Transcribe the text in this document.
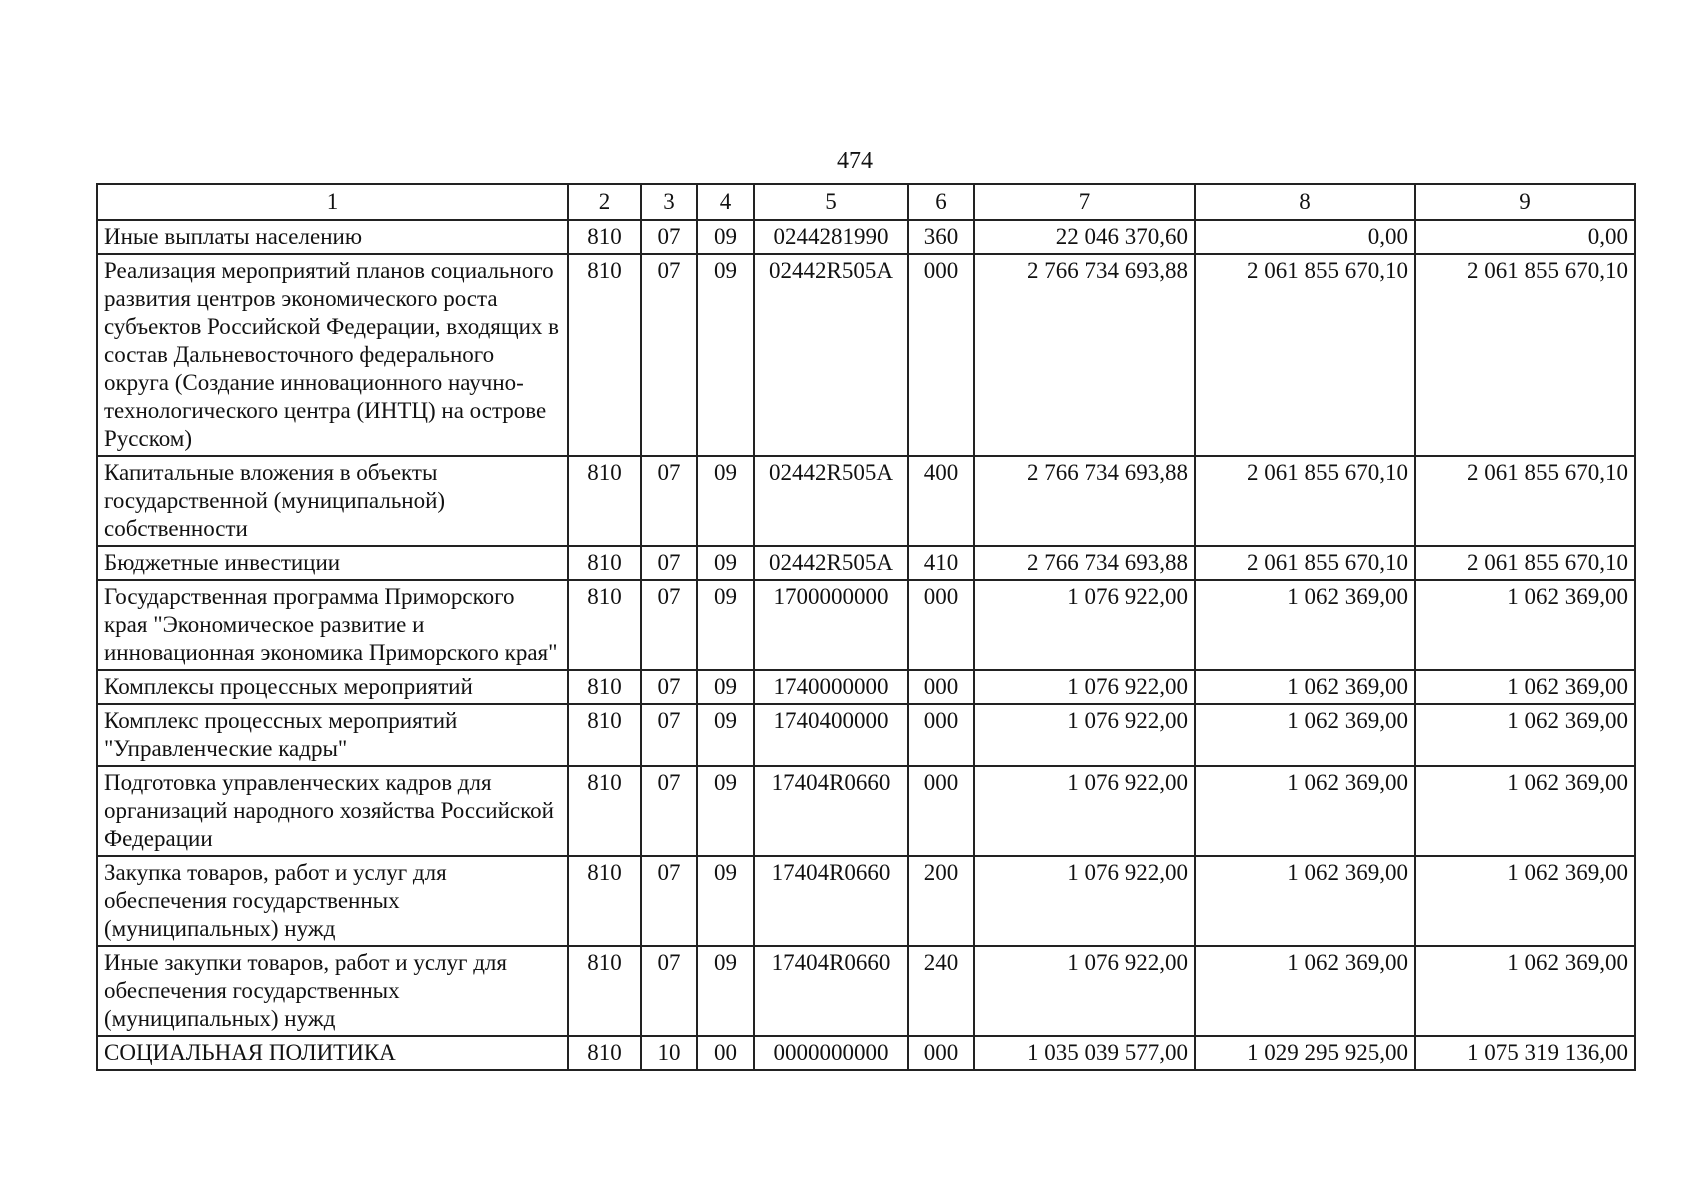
474
1	2	3	4	5	6	7	8	9
Иные выплаты населению	810	07	09	0244281990	360	22 046 370,60	0,00	0,00
Реализация мероприятий планов социального развития центров экономического роста субъектов Российской Федерации, входящих в состав Дальневосточного федерального округа (Создание инновационного научно-технологического центра (ИНТЦ) на острове Русском)	810	07	09	02442R505A	000	2 766 734 693,88	2 061 855 670,10	2 061 855 670,10
Капитальные вложения в объекты государственной (муниципальной) собственности	810	07	09	02442R505A	400	2 766 734 693,88	2 061 855 670,10	2 061 855 670,10
Бюджетные инвестиции	810	07	09	02442R505A	410	2 766 734 693,88	2 061 855 670,10	2 061 855 670,10
Государственная программа Приморского края "Экономическое развитие и инновационная экономика Приморского края"	810	07	09	1700000000	000	1 076 922,00	1 062 369,00	1 062 369,00
Комплексы процессных мероприятий	810	07	09	1740000000	000	1 076 922,00	1 062 369,00	1 062 369,00
Комплекс процессных мероприятий "Управленческие кадры"	810	07	09	1740400000	000	1 076 922,00	1 062 369,00	1 062 369,00
Подготовка управленческих кадров для организаций народного хозяйства Российской Федерации	810	07	09	17404R0660	000	1 076 922,00	1 062 369,00	1 062 369,00
Закупка товаров, работ и услуг для обеспечения государственных (муниципальных) нужд	810	07	09	17404R0660	200	1 076 922,00	1 062 369,00	1 062 369,00
Иные закупки товаров, работ и услуг для обеспечения государственных (муниципальных) нужд	810	07	09	17404R0660	240	1 076 922,00	1 062 369,00	1 062 369,00
СОЦИАЛЬНАЯ ПОЛИТИКА	810	10	00	0000000000	000	1 035 039 577,00	1 029 295 925,00	1 075 319 136,00
